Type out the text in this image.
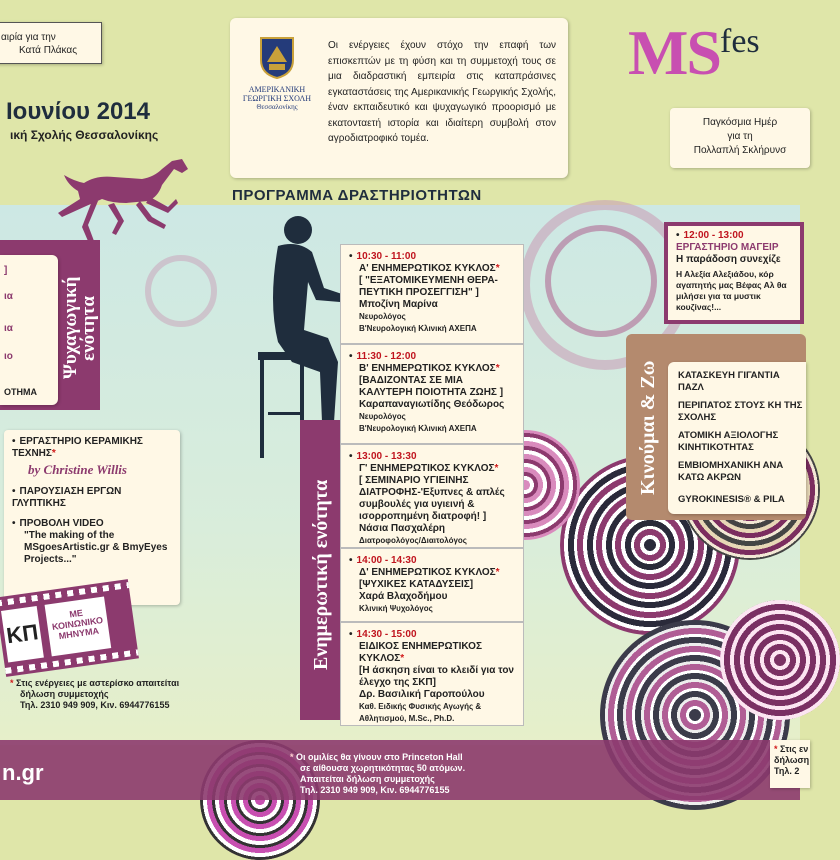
αιρία για την
Κατά Πλάκας
Ιουνίου 2014
ική Σχολής Θεσσαλονίκης
ΑΜΕΡΙΚΑΝΙΚΗ
ΓΕΩΡΓΙΚΗ ΣΧΟΛΗ
Θεσσαλονίκης
Οι ενέργειες έχουν στόχο την επαφή των επισκεπτών με τη φύση και τη συμμετοχή τους σε μια διαδραστική εμπειρία στις καταπράσινες εγκαταστάσεις της Αμερικανικής Γεωργικής Σχολής, έναν εκπαιδευτικό και ψυχαγωγικό προορισμό με εκατονταετή ιστορία και ιδιαίτερη συμβολή στον αγροδιατροφικό τομέα.
MSfes
Παγκόσμια Ημέρ
για τη
Πολλαπλή Σκλήρυνσ
ΠΡΟΓΡΑΜΜΑ ΔΡΑΣΤΗΡΙΟΤΗΤΩΝ
]
ια
ια
ιο
ΟΤΗΜΑ
Ψυχαγωγική ενότητα
• ΕΡΓΑΣΤΗΡΙΟ ΚΕΡΑΜΙΚΗΣ ΤΕΧΝΗΣ*
by Christine Willis
• ΠΑΡΟΥΣΙΑΣΗ ΕΡΓΩΝ ΓΛΥΠΤΙΚΗΣ
• ΠΡΟΒΟΛΗ VIDEO
"The making of the MSgoesArtistic.gr & BmyEyes Projects..."
ΚΠ
ΜΕ ΚΟΙΝΩΝΙΚΟ ΜΗΝΥΜΑ
* Στις ενέργειες με αστερίσκο απαιτείται
δήλωση συμμετοχής
Τηλ. 2310 949 909, Κιν. 6944776155
n.gr
Ενημερωτική ενότητα
• 10:30 - 11:00
Α' ΕΝΗΜΕΡΩΤΙΚΟΣ ΚΥΚΛΟΣ*
[ "ΕΞΑΤΟΜΙΚΕΥΜΕΝΗ ΘΕΡΑ-ΠΕΥΤΙΚΗ ΠΡΟΣΕΓΓΙΣΗ" ]
Μποζίνη Μαρίνα
Νευρολόγος
Β'Νευρολογική Κλινική ΑΧΕΠΑ
• 11:30 - 12:00
Β' ΕΝΗΜΕΡΩΤΙΚΟΣ ΚΥΚΛΟΣ*
[ΒΑΔΙΖΟΝΤΑΣ ΣΕ ΜΙΑ ΚΑΛΥΤΕΡΗ ΠΟΙΟΤΗΤΑ ΖΩΗΣ ]
Καραπαναγιωτίδης Θεόδωρος
Νευρολόγος
Β'Νευρολογική Κλινική ΑΧΕΠΑ
• 13:00 - 13:30
Γ' ΕΝΗΜΕΡΩΤΙΚΟΣ ΚΥΚΛΟΣ*
[ ΣΕΜΙΝΑΡΙΟ ΥΓΙΕΙΝΗΣ ΔΙΑΤΡΟΦΗΣ-'Εξυπνες & απλές συμβουλές για υγιεινή & ισορροπημένη διατροφή! ]
Νάσια Πασχαλέρη
Διατροφολόγος/Διαιτολόγος
• 14:00 - 14:30
Δ' ΕΝΗΜΕΡΩΤΙΚΟΣ ΚΥΚΛΟΣ*
[ΨΥΧΙΚΕΣ ΚΑΤΑΔΥΣΕΙΣ]
Χαρά Βλαχοδήμου
Κλινική Ψυχολόγος
• 14:30 - 15:00
ΕΙΔΙΚΟΣ ΕΝΗΜΕΡΩΤΙΚΟΣ ΚΥΚΛΟΣ*
[Η άσκηση είναι το κλειδί για τον έλεγχο της ΣΚΠ]
Δρ. Βασιλική Γαροπούλου
Καθ. Ειδικής Φυσικής Αγωγής & Αθλητισμού, M.Sc., Ph.D.
* Οι ομιλίες θα γίνουν στο Princeton Hall
σε αίθουσα χωρητικότητας 50 ατόμων.
Απαιτείται δήλωση συμμετοχής
Τηλ. 2310 949 909, Κιν. 6944776155
• 12:00 - 13:00
ΕΡΓΑΣΤΗΡΙΟ ΜΑΓΕΙΡ
Η παράδοση συνεχίζε
Η Αλεξία Αλεξιάδου, κόρ αγαπητής μας Βέφας Αλ θα μιλήσει για τα μυστικ κουζίνας!...
Κινούμαι & Ζω	ΚΑΤΑΣΚΕΥΗ ΓΙΓΑΝΤΙΑ ΠΑΖΛ
ΠΕΡΙΠΑΤΟΣ ΣΤΟΥΣ ΚΗ ΤΗΣ ΣΧΟΛΗΣ
ΑΤΟΜΙΚΗ ΑΞΙΟΛΟΓΗΣ ΚΙΝΗΤΙΚΟΤΗΤΑΣ
ΕΜΒΙΟΜΗΧΑΝΙΚΗ ΑΝΑ ΚΑΤΩ ΑΚΡΩΝ
GYROKINESIS® & PILA
* Στις εν
δήλωση
Τηλ. 2
